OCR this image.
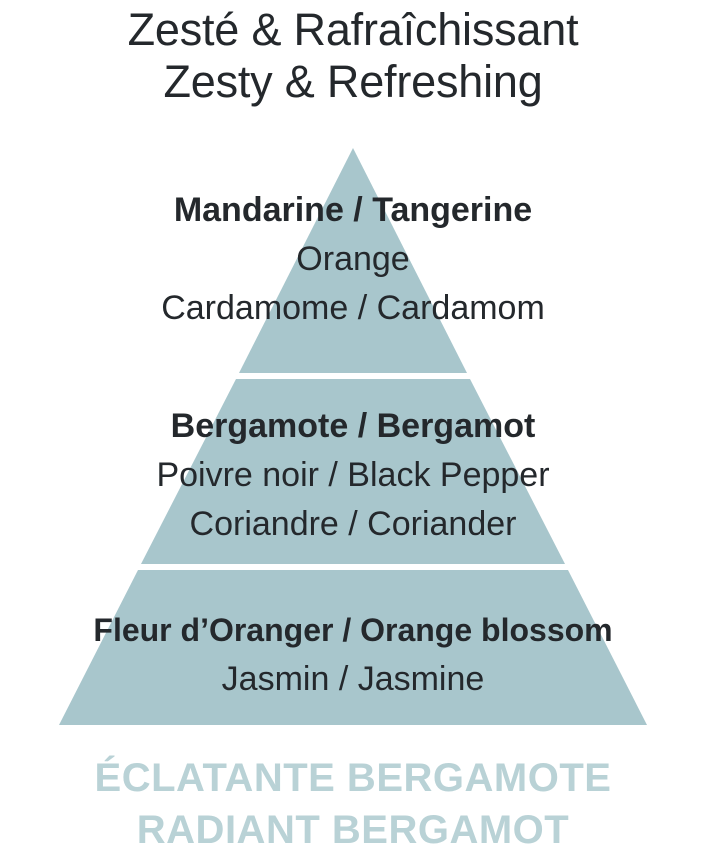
Zesté & Rafraîchissant
Zesty & Refreshing
Mandarine / Tangerine
Orange
Cardamome / Cardamom
Bergamote / Bergamot
Poivre noir / Black Pepper
Coriandre / Coriander
Fleur d’Oranger / Orange blossom
Jasmin / Jasmine
ÉCLATANTE BERGAMOTE
RADIANT BERGAMOT
